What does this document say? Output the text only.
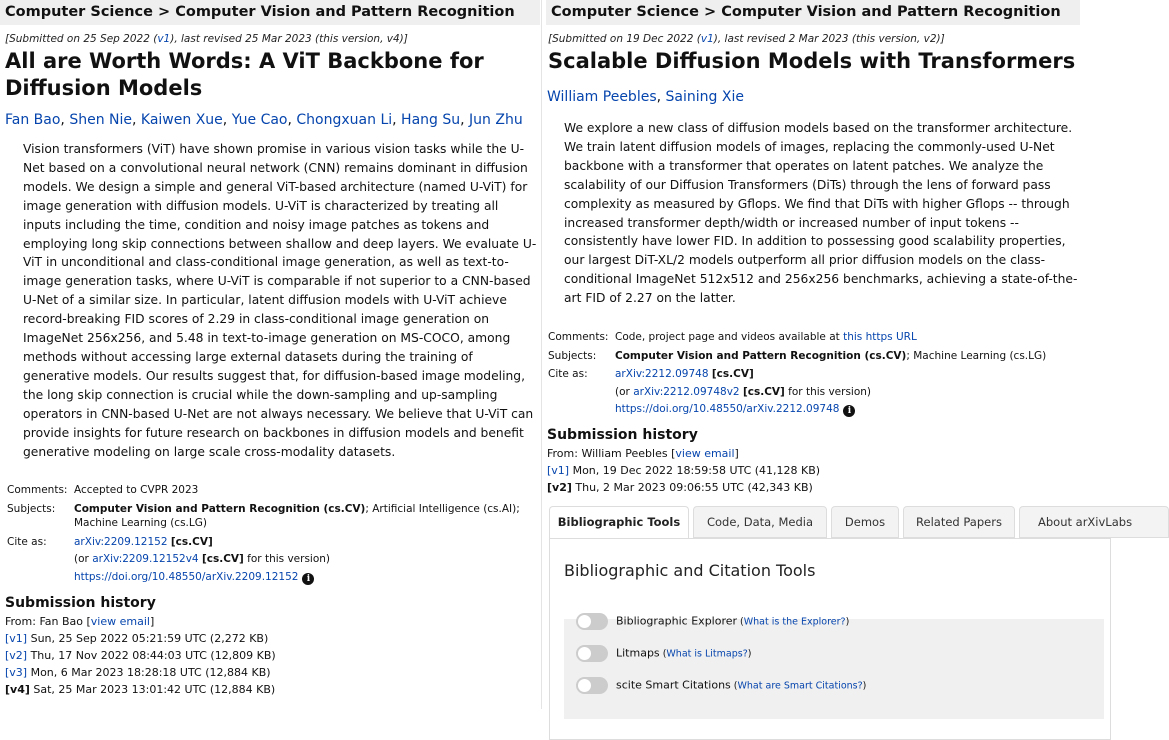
Computer Science > Computer Vision and Pattern Recognition
[Submitted on 25 Sep 2022 (v1), last revised 25 Mar 2023 (this version, v4)]
All are Worth Words: A ViT Backbone for Diffusion Models
Fan Bao, Shen Nie, Kaiwen Xue, Yue Cao, Chongxuan Li, Hang Su, Jun Zhu
Vision transformers (ViT) have shown promise in various vision tasks while the U-Net based on a convolutional neural network (CNN) remains dominant in diffusion models. We design a simple and general ViT-based architecture (named U-ViT) for image generation with diffusion models. U-ViT is characterized by treating all inputs including the time, condition and noisy image patches as tokens and employing long skip connections between shallow and deep layers. We evaluate U-ViT in unconditional and class-conditional image generation, as well as text-to-image generation tasks, where U-ViT is comparable if not superior to a CNN-based U-Net of a similar size. In particular, latent diffusion models with U-ViT achieve record-breaking FID scores of 2.29 in class-conditional image generation on ImageNet 256x256, and 5.48 in text-to-image generation on MS-COCO, among methods without accessing large external datasets during the training of generative models. Our results suggest that, for diffusion-based image modeling, the long skip connection is crucial while the down-sampling and up-sampling operators in CNN-based U-Net are not always necessary. We believe that U-ViT can provide insights for future research on backbones in diffusion models and benefit generative modeling on large scale cross-modality datasets.
Comments:	Accepted to CVPR 2023
Subjects:	Computer Vision and Pattern Recognition (cs.CV); Artificial Intelligence (cs.AI); Machine Learning (cs.LG)
Cite as:	arXiv:2209.12152 [cs.CV]
(or arXiv:2209.12152v4 [cs.CV] for this version)
https://doi.org/10.48550/arXiv.2209.12152 i
Submission history
From: Fan Bao [view email]
[v1] Sun, 25 Sep 2022 05:21:59 UTC (2,272 KB)
[v2] Thu, 17 Nov 2022 08:44:03 UTC (12,809 KB)
[v3] Mon, 6 Mar 2023 18:28:18 UTC (12,884 KB)
[v4] Sat, 25 Mar 2023 13:01:42 UTC (12,884 KB)
Computer Science > Computer Vision and Pattern Recognition
[Submitted on 19 Dec 2022 (v1), last revised 2 Mar 2023 (this version, v2)]
Scalable Diffusion Models with Transformers
William Peebles, Saining Xie
We explore a new class of diffusion models based on the transformer architecture. We train latent diffusion models of images, replacing the commonly-used U-Net backbone with a transformer that operates on latent patches. We analyze the scalability of our Diffusion Transformers (DiTs) through the lens of forward pass complexity as measured by Gflops. We find that DiTs with higher Gflops -- through increased transformer depth/width or increased number of input tokens -- consistently have lower FID. In addition to possessing good scalability properties, our largest DiT-XL/2 models outperform all prior diffusion models on the class-conditional ImageNet 512x512 and 256x256 benchmarks, achieving a state-of-the-art FID of 2.27 on the latter.
Comments:	Code, project page and videos available at this https URL
Subjects:	Computer Vision and Pattern Recognition (cs.CV); Machine Learning (cs.LG)
Cite as:	arXiv:2212.09748 [cs.CV]
(or arXiv:2212.09748v2 [cs.CV] for this version)
https://doi.org/10.48550/arXiv.2212.09748 i
Submission history
From: William Peebles [view email]
[v1] Mon, 19 Dec 2022 18:59:58 UTC (41,128 KB)
[v2] Thu, 2 Mar 2023 09:06:55 UTC (42,343 KB)
Bibliographic Tools	Code, Data, Media	Demos	Related Papers	About arXivLabs
Bibliographic and Citation Tools
Bibliographic Explorer (What is the Explorer?)
Litmaps (What is Litmaps?)
scite Smart Citations (What are Smart Citations?)
